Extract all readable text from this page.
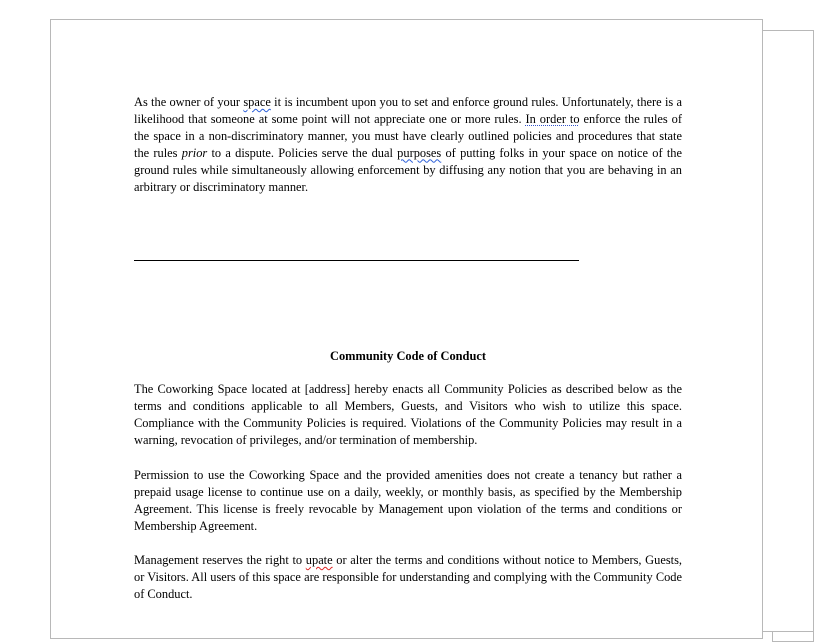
As the owner of your space it is incumbent upon you to set and enforce ground rules. Unfortunately, there is a likelihood that someone at some point will not appreciate one or more rules. In order to enforce the rules of the space in a non-discriminatory manner, you must have clearly outlined policies and procedures that state the rules prior to a dispute. Policies serve the dual purposes of putting folks in your space on notice of the ground rules while simultaneously allowing enforcement by diffusing any notion that you are behaving in an arbitrary or discriminatory manner.

Community Code of Conduct

The Coworking Space located at [address] hereby enacts all Community Policies as described below as the terms and conditions applicable to all Members, Guests, and Visitors who wish to utilize this space. Compliance with the Community Policies is required. Violations of the Community Policies may result in a warning, revocation of privileges, and/or termination of membership.

Permission to use the Coworking Space and the provided amenities does not create a tenancy but rather a prepaid usage license to continue use on a daily, weekly, or monthly basis, as specified by the Membership Agreement. This license is freely revocable by Management upon violation of the terms and conditions or Membership Agreement.

Management reserves the right to upate or alter the terms and conditions without notice to Members, Guests, or Visitors. All users of this space are responsible for understanding and complying with the Community Code of Conduct.
